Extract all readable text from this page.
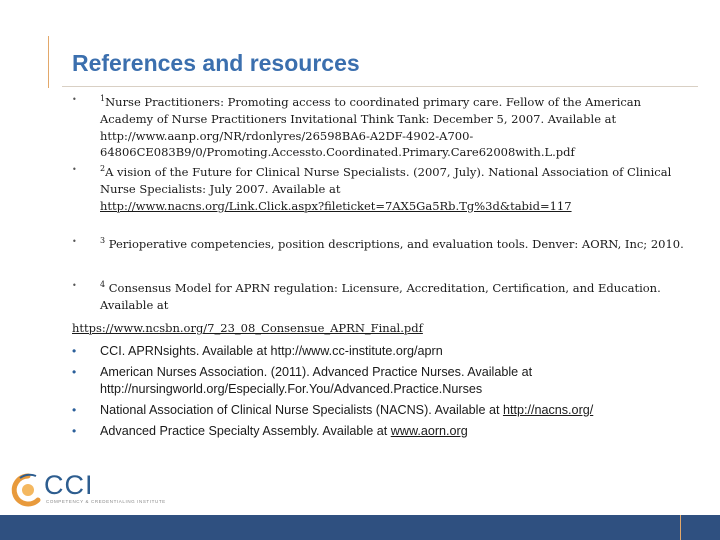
References and resources
•	$^1$Nurse Practitioners: Promoting access to coordinated primary care. Fellow of the American Academy of Nurse Practitioners Invitational Think Tank: December 5, 2007. Available at http://www.aanp.org/NR/rdonlyres/26598BA6-A2DF-4902-A700-64806CE083B9/0/Promoting.Accessto.Coordinated.Primary.Care62008with.L.pdf
•	$^2$A vision of the Future for Clinical Nurse Specialists. (2007, July). National Association of Clinical Nurse Specialists: July 2007. Available at
http://www.nacns.org/Link.Click.aspx?fileticket=7AX5Ga5Rb.Tg%3d&tabid=117
•	$^3$ Perioperative competencies, position descriptions, and evaluation tools. Denver: AORN, Inc; 2010.
•	$^4$ Consensus Model for APRN regulation: Licensure, Accreditation, Certification, and Education. Available at
https://www.ncsbn.org/7_23_08_Consensue_APRN_Final.pdf
• CCI. APRNsights. Available at http://www.cc-institute.org/aprn
• American Nurses Association. (2011). Advanced Practice Nurses. Available at http://nursingworld.org/Especially.For.You/Advanced.Practice.Nurses
• National Association of Clinical Nurse Specialists (NACNS). Available at http://nacns.org/
• Advanced Practice Specialty Assembly. Available at www.aorn.org
CCI
COMPETENCY & CREDENTIALING INSTITUTE
